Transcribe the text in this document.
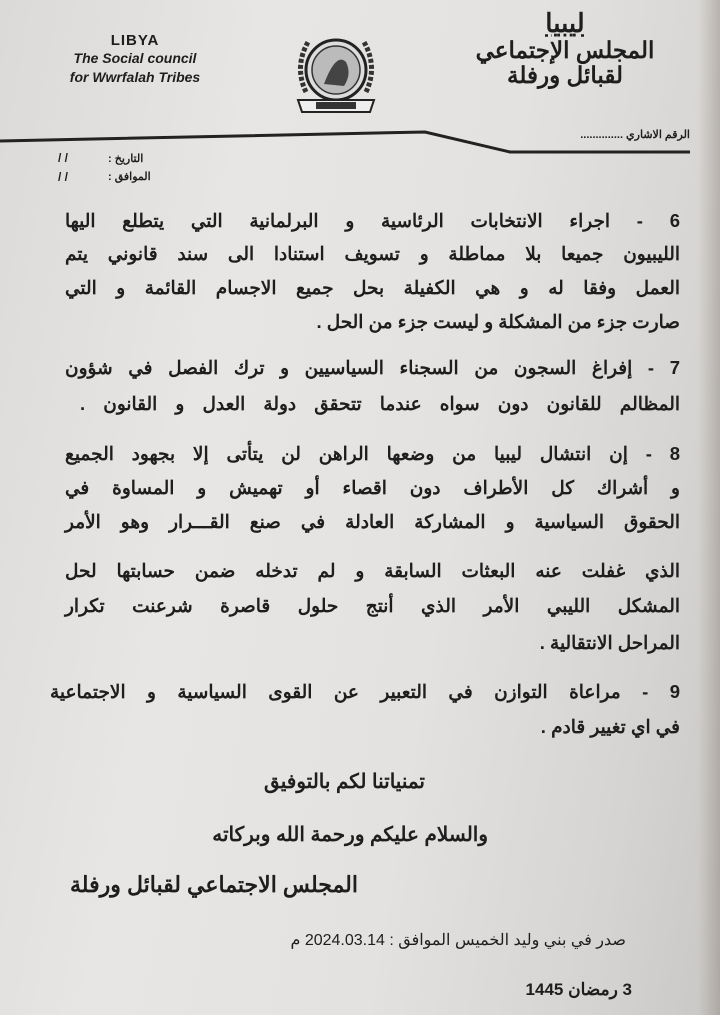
LIBYA
The Social council
for Wwrfalah Tribes
ليبيا
المجلس الإجتماعي
لقبائل ورفلة
الرقم الاشاري ..............
التاريخ :
/ /
الموافق :
/ /
6 - اجراء الانتخابات الرئاسية و البرلمانية التي يتطلع اليها
الليبيون جميعا بلا مماطلة و تسويف استنادا الى سند قانوني يتم
العمل وفقا له و هي الكفيلة بحل جميع الاجسام القائمة و التي
صارت جزء من المشكلة و ليست جزء من الحل .
7 - إفراغ السجون من السجناء السياسيين و ترك الفصل في شؤون
المظالم للقانون دون سواه عندما تتحقق دولة العدل و القانون .
8 - إن انتشال ليبيا من وضعها الراهن لن يتأتى إلا بجهود الجميع
و أشراك كل الأطراف دون اقصاء أو تهميش و المساوة في
الحقوق السياسية و المشاركة العادلة في صنع القـــرار وهو الأمر
الذي غفلت عنه البعثات السابقة و لم تدخله ضمن حسابتها لحل
المشكل الليبي الأمر الذي أنتج حلول قاصرة شرعنت تكرار
المراحل الانتقالية .
9 - مراعاة التوازن في التعبير عن القوى السياسية و الاجتماعية
في اي تغيير قادم .
تمنياتنا لكم بالتوفيق
والسلام عليكم ورحمة الله وبركاته
المجلس الاجتماعي لقبائل ورفلة
صدر في بني وليد الخميس الموافق : 2024.03.14 م
3 رمضان 1445
